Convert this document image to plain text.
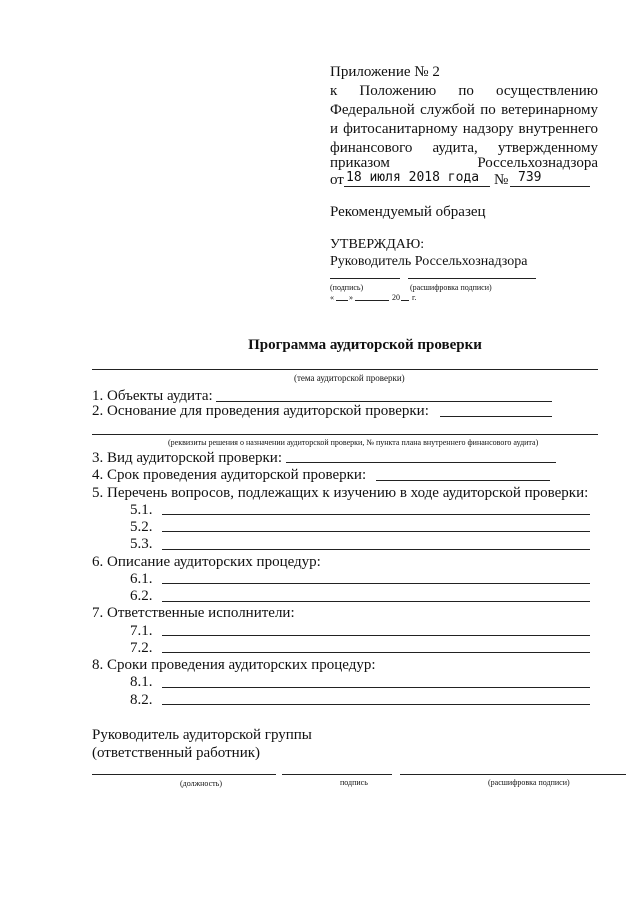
Приложение № 2
к Положению по осуществлению
Федеральной службой по ветеринарному
и фитосанитарному надзору внутреннего
финансового аудита, утвержденному
приказом	Россельхознадзора
от 18 июля 2018 года № 739
Рекомендуемый образец
УТВЕРЖДАЮ:
Руководитель Россельхознадзора
(подпись)	(расшифровка подписи)
« »	20 г.
Программа аудиторской проверки
(тема аудиторской проверки)
1. Объекты аудита:
2. Основание для проведения аудиторской проверки:
(реквизиты решения о назначении аудиторской проверки, № пункта плана внутреннего финансового аудита)
3. Вид аудиторской проверки:
4. Срок проведения аудиторской проверки:
5. Перечень вопросов, подлежащих к изучению в ходе аудиторской проверки:
5.1.
5.2.
5.3.
6. Описание аудиторских процедур:
6.1.
6.2.
7. Ответственные исполнители:
7.1.
7.2.
8. Сроки проведения аудиторских процедур:
8.1.
8.2.
Руководитель аудиторской группы
(ответственный работник)
(должность)	подпись	(расшифровка подписи)
